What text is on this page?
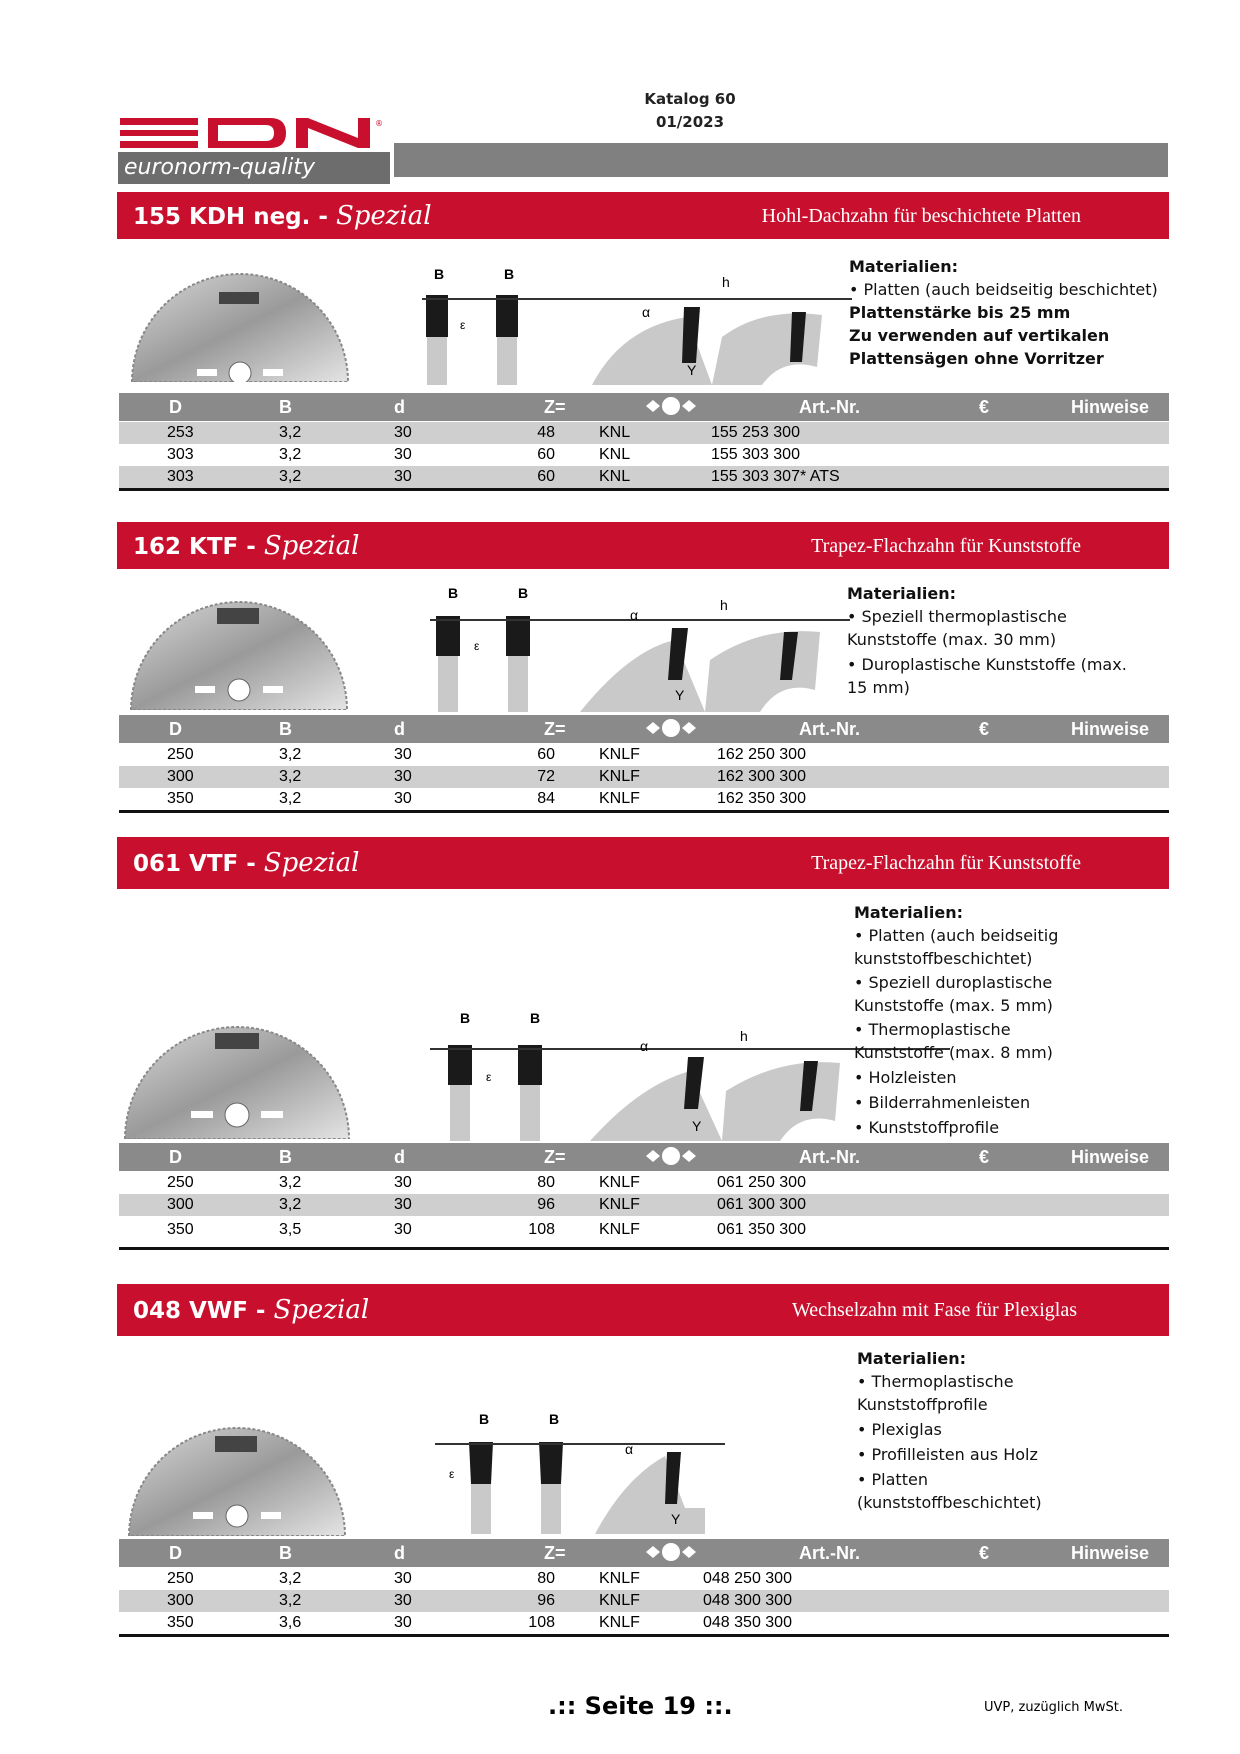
Katalog 60
01/2023
®
euronorm-quality
155 KDH neg. - Spezial	Hohl-Dachzahn für beschichtete Platten
B	B
α
h
Y
ε
Materialien:
• Platten (auch beidseitig beschichtet)
Plattenstärke bis 25 mm
Zu verwenden auf vertikalen
Plattensägen ohne Vorritzer
D	B	d	Z=	Art.-Nr.	€	Hinweise
253	3,2	30	48	KNL	155 253 300
303	3,2	30	60	KNL	155 303 300
303	3,2	30	60	KNL	155 303 307* ATS
162 KTF - Spezial	Trapez-Flachzahn für Kunststoffe
B	B
α
h
Y
ε
Materialien:
• Speziell thermoplastische
Kunststoffe (max. 30 mm)
• Duroplastische Kunststoffe (max.
15 mm)
D	B	d	Z=	Art.-Nr.	€	Hinweise
250	3,2	30	60	KNLF	162 250 300
300	3,2	30	72	KNLF	162 300 300
350	3,2	30	84	KNLF	162 350 300
061 VTF - Spezial	Trapez-Flachzahn für Kunststoffe
B	B
α
h
Y
ε
Materialien:
• Platten (auch beidseitig
kunststoffbeschichtet)
• Speziell duroplastische
Kunststoffe (max. 5 mm)
• Thermoplastische
Kunststoffe (max. 8 mm)
• Holzleisten
• Bilderrahmenleisten
• Kunststoffprofile
D	B	d	Z=	Art.-Nr.	€	Hinweise
250	3,2	30	80	KNLF	061 250 300
300	3,2	30	96	KNLF	061 300 300
350	3,5	30	108	KNLF	061 350 300
048 VWF - Spezial	Wechselzahn mit Fase für Plexiglas
B	B
α
Y
ε
Materialien:
• Thermoplastische
Kunststoffprofile
• Plexiglas
• Profilleisten aus Holz
• Platten
(kunststoffbeschichtet)
D	B	d	Z=	Art.-Nr.	€	Hinweise
250	3,2	30	80	KNLF	048 250 300
300	3,2	30	96	KNLF	048 300 300
350	3,6	30	108	KNLF	048 350 300
.:: Seite 19 ::.	UVP, zuzüglich MwSt.
